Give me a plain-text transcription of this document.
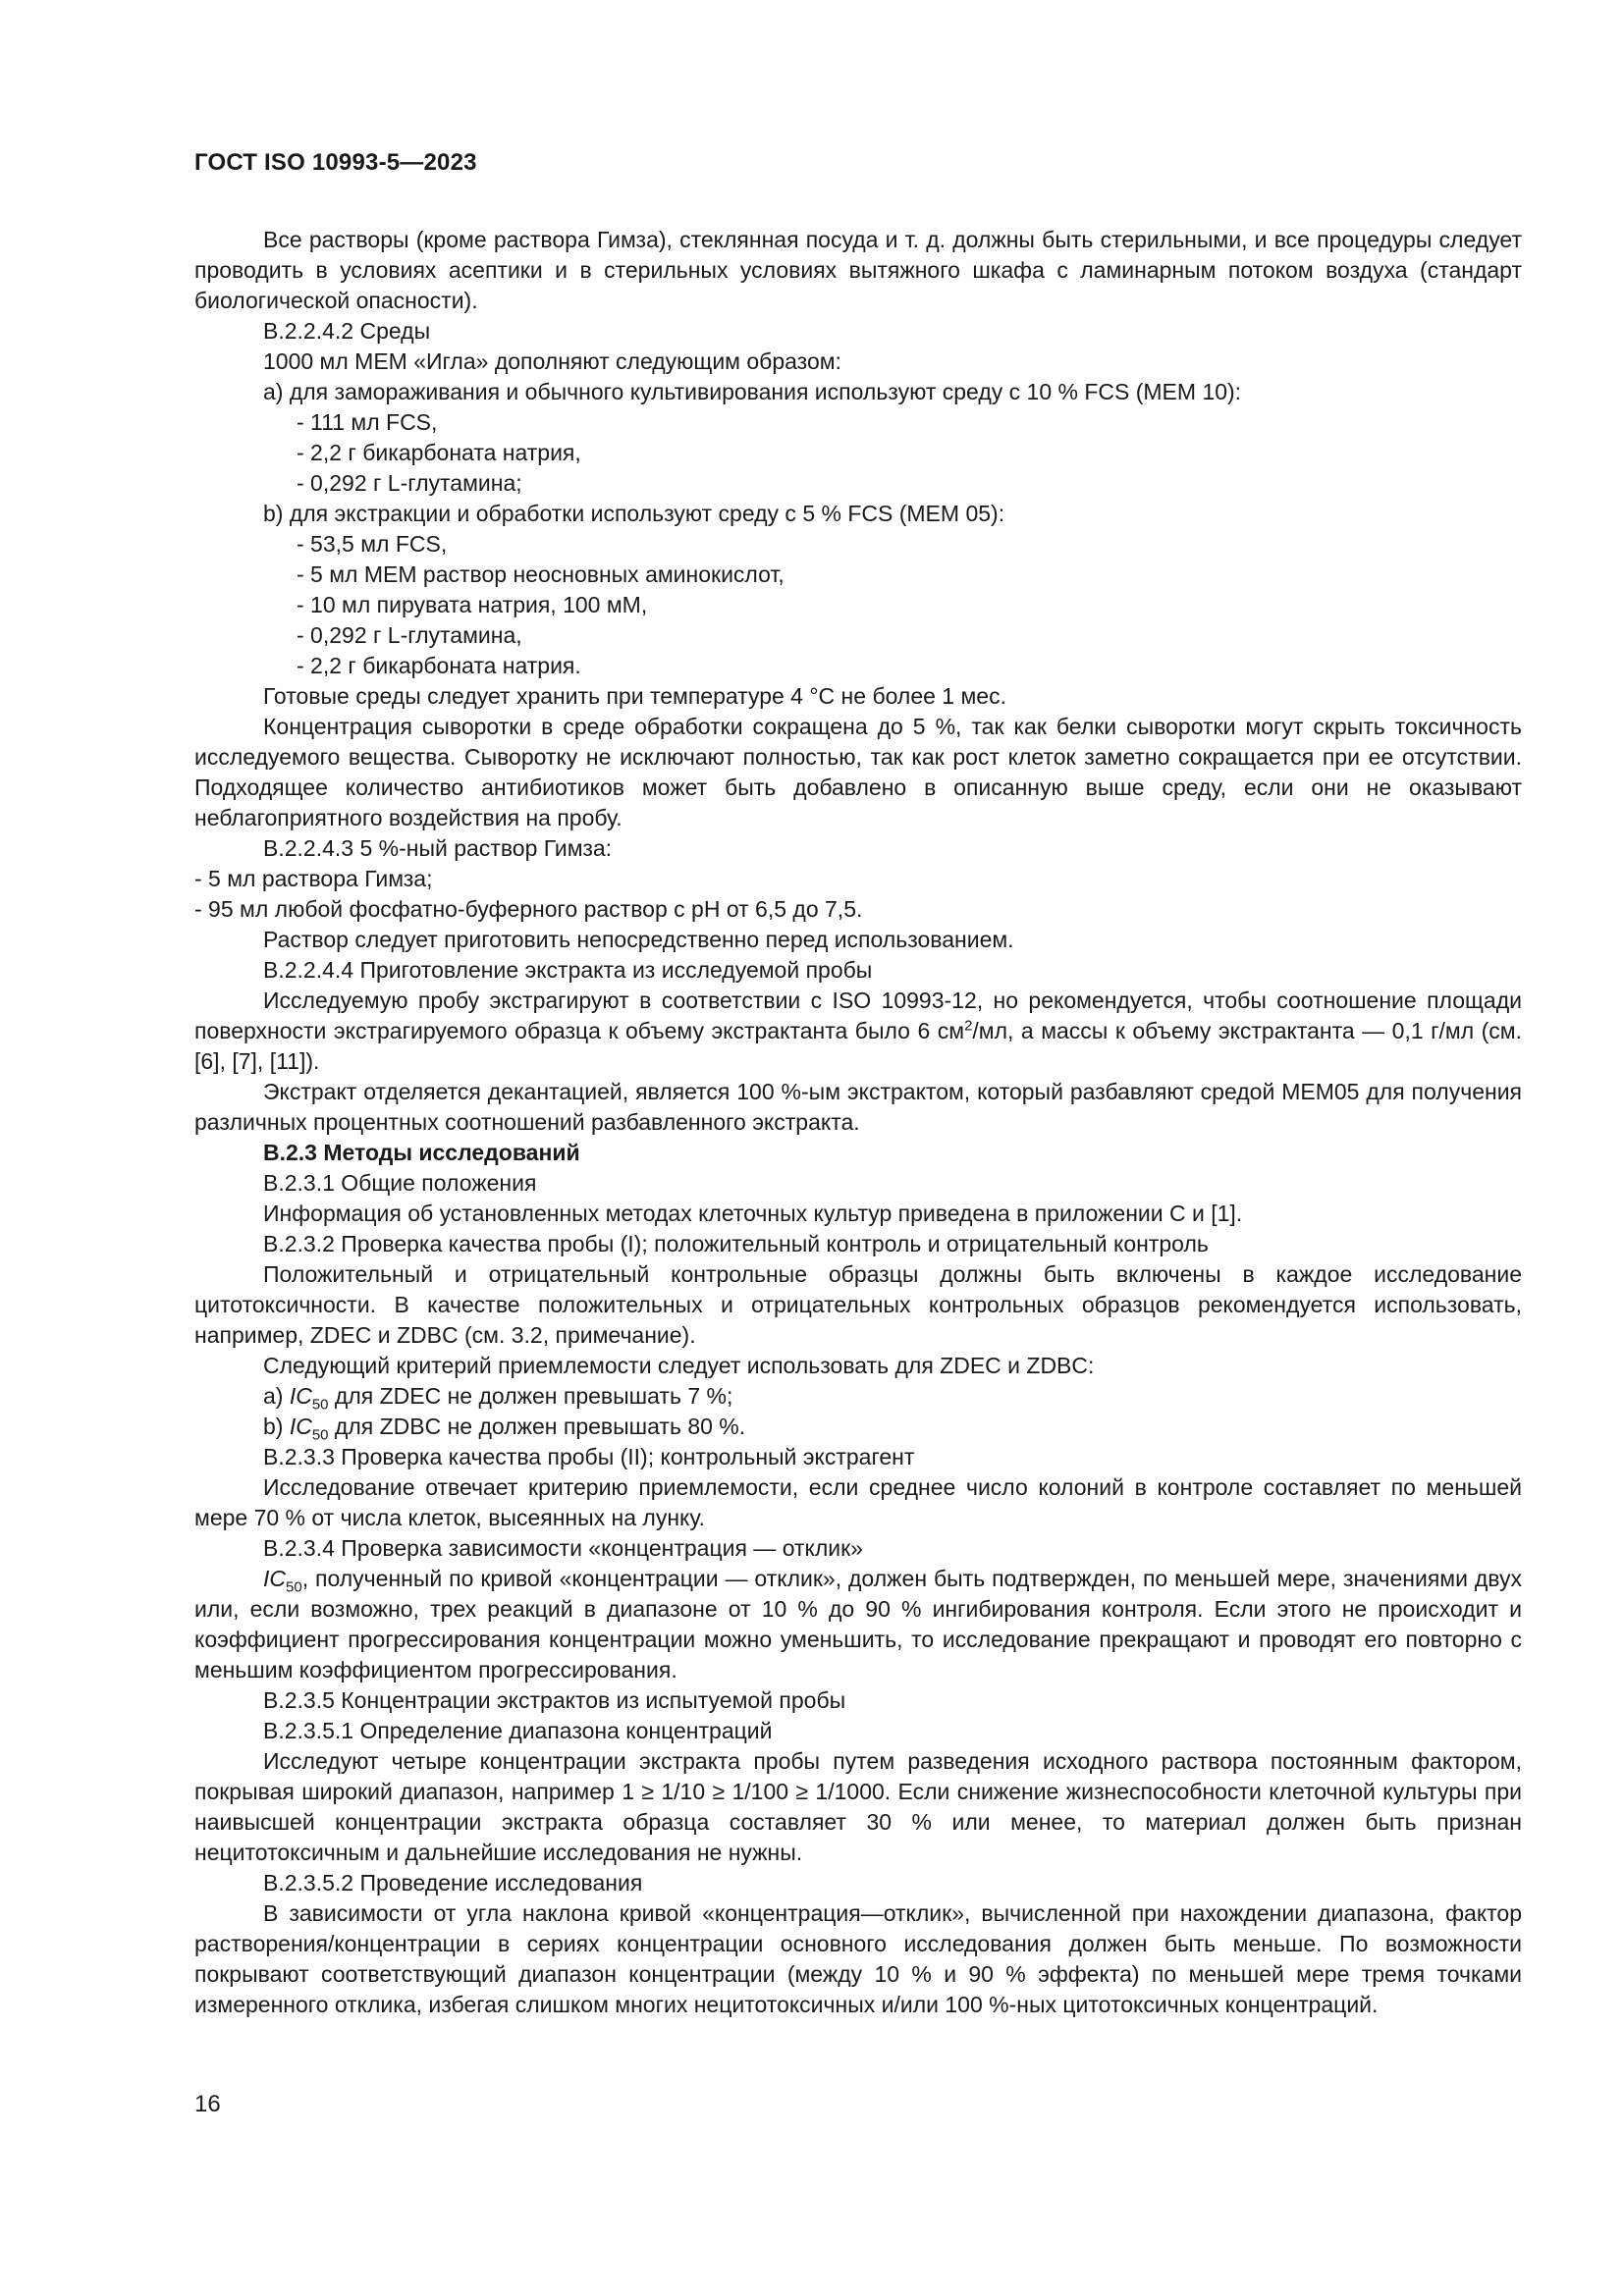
ГОСТ ISO 10993-5—2023

Все растворы (кроме раствора Гимза), стеклянная посуда и т. д. должны быть стерильными, и все процедуры следует проводить в условиях асептики и в стерильных условиях вытяжного шкафа с ламинарным потоком воздуха (стандарт биологической опасности).

В.2.2.4.2 Среды

1000 мл МЕМ «Игла» дополняют следующим образом:

а) для замораживания и обычного культивирования используют среду с 10 % FCS (МЕМ 10):

- 111 мл FCS,

- 2,2 г бикарбоната натрия,

- 0,292 г L-глутамина;

b) для экстракции и обработки используют среду с 5 % FCS (МЕМ 05):

- 53,5 мл FCS,

- 5 мл МЕМ раствор неосновных аминокислот,

- 10 мл пирувата натрия, 100 мМ,

- 0,292 г L-глутамина,

- 2,2 г бикарбоната натрия.

Готовые среды следует хранить при температуре 4 °C не более 1 мес.

Концентрация сыворотки в среде обработки сокращена до 5 %, так как белки сыворотки могут скрыть токсичность исследуемого вещества. Сыворотку не исключают полностью, так как рост клеток заметно сокращается при ее отсутствии. Подходящее количество антибиотиков может быть добавлено в описанную выше среду, если они не оказывают неблагоприятного воздействия на пробу.

В.2.2.4.3 5 %-ный раствор Гимза:

- 5 мл раствора Гимза;

- 95 мл любой фосфатно-буферного раствор с pH от 6,5 до 7,5.

Раствор следует приготовить непосредственно перед использованием.

В.2.2.4.4 Приготовление экстракта из исследуемой пробы

Исследуемую пробу экстрагируют в соответствии с ISO 10993-12, но рекомендуется, чтобы соотношение площади поверхности экстрагируемого образца к объему экстрактанта было 6 $см^2/мл$, а массы к объему экстрактанта — 0,1 г/мл (см. [6], [7], [11]).

Экстракт отделяется декантацией, является 100 %-ым экстрактом, который разбавляют средой МЕМ05 для получения различных процентных соотношений разбавленного экстракта.

В.2.3 Методы исследований

В.2.3.1 Общие положения

Информация об установленных методах клеточных культур приведена в приложении С и [1].

В.2.3.2 Проверка качества пробы (I); положительный контроль и отрицательный контроль

Положительный и отрицательный контрольные образцы должны быть включены в каждое исследование цитотоксичности. В качестве положительных и отрицательных контрольных образцов рекомендуется использовать, например, ZDEC и ZDBC (см. 3.2, примечание).

Следующий критерий приемлемости следует использовать для ZDEC и ZDBC:

а) $IC_{50}$ для ZDEC не должен превышать 7 %;

b) $IC_{50}$ для ZDBC не должен превышать 80 %.

В.2.3.3 Проверка качества пробы (II); контрольный экстрагент

Исследование отвечает критерию приемлемости, если среднее число колоний в контроле составляет по меньшей мере 70 % от числа клеток, высеянных на лунку.

В.2.3.4 Проверка зависимости «концентрация — отклик»

$IC_{50}$, полученный по кривой «концентрации — отклик», должен быть подтвержден, по меньшей мере, значениями двух или, если возможно, трех реакций в диапазоне от 10 % до 90 % ингибирования контроля. Если этого не происходит и коэффициент прогрессирования концентрации можно уменьшить, то исследование прекращают и проводят его повторно с меньшим коэффициентом прогрессирования.

В.2.3.5 Концентрации экстрактов из испытуемой пробы

В.2.3.5.1 Определение диапазона концентраций

Исследуют четыре концентрации экстракта пробы путем разведения исходного раствора постоянным фактором, покрывая широкий диапазон, например 1 ≥ 1/10 ≥ 1/100 ≥ 1/1000. Если снижение жизнеспособности клеточной культуры при наивысшей концентрации экстракта образца составляет 30 % или менее, то материал должен быть признан нецитотоксичным и дальнейшие исследования не нужны.

В.2.3.5.2 Проведение исследования

В зависимости от угла наклона кривой «концентрация—отклик», вычисленной при нахождении диапазона, фактор растворения/концентрации в сериях концентрации основного исследования должен быть меньше. По возможности покрывают соответствующий диапазон концентрации (между 10 % и 90 % эффекта) по меньшей мере тремя точками измеренного отклика, избегая слишком многих нецитотоксичных и/или 100 %-ных цитотоксичных концентраций.

16
